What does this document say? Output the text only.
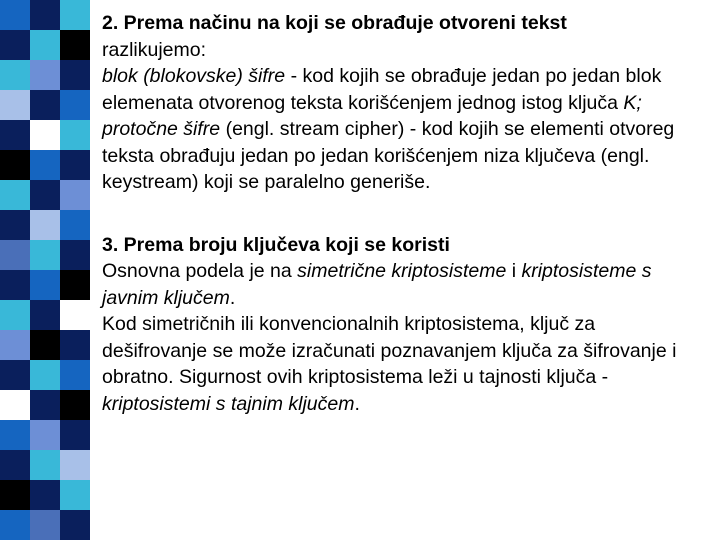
2. Prema načinu na koji se obrađuje otvoreni tekst

razlikujemo:

blok (blokovske) šifre - kod kojih se obrađuje jedan po jedan blok elemenata otvorenog teksta korišćenjem jednog istog ključa K;

protočne šifre (engl. stream cipher) - kod kojih se elementi otvoreg teksta obrađuju jedan po jedan korišćenjem niza ključeva (engl. keystream) koji se paralelno generiše.

3. Prema broju ključeva koji se koristi

Osnovna podela je na simetrične kriptosisteme i kriptosisteme s javnim ključem.

Kod simetričnih ili konvencionalnih kriptosistema, ključ za dešifrovanje se može izračunati poznavanjem ključa za šifrovanje i obratno. Sigurnost ovih kriptosistema leži u tajnosti ključa - kriptosistemi s tajnim ključem.
